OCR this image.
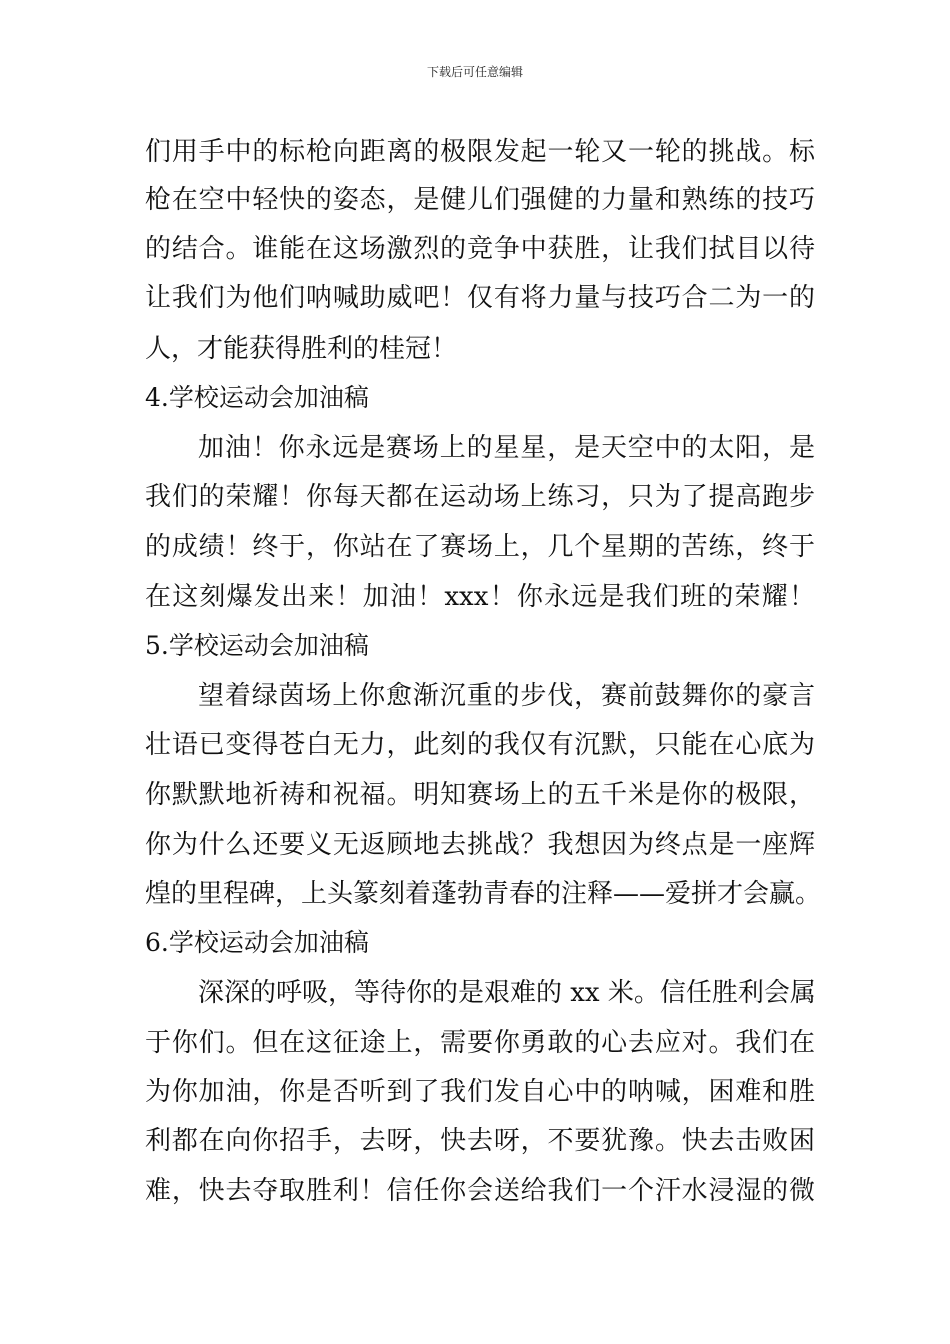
下载后可任意编辑
们用手中的标枪向距离的极限发起一轮又一轮的挑战。标
枪在空中轻快的姿态，是健儿们强健的力量和熟练的技巧
的结合。谁能在这场激烈的竞争中获胜，让我们拭目以待
让我们为他们呐喊助威吧！仅有将力量与技巧合二为一的
人，才能获得胜利的桂冠！
4.学校运动会加油稿
加油！你永远是赛场上的星星，是天空中的太阳，是
我们的荣耀！你每天都在运动场上练习，只为了提高跑步
的成绩！终于，你站在了赛场上，几个星期的苦练，终于
在这刻爆发出来！加油！xxx！你永远是我们班的荣耀！
5.学校运动会加油稿
望着绿茵场上你愈渐沉重的步伐，赛前鼓舞你的豪言
壮语已变得苍白无力，此刻的我仅有沉默，只能在心底为
你默默地祈祷和祝福。明知赛场上的五千米是你的极限，
你为什么还要义无返顾地去挑战？我想因为终点是一座辉
煌的里程碑，上头篆刻着蓬勃青春的注释——爱拼才会赢。
6.学校运动会加油稿
深深的呼吸，等待你的是艰难的 xx 米。信任胜利会属
于你们。但在这征途上，需要你勇敢的心去应对。我们在
为你加油，你是否听到了我们发自心中的呐喊，困难和胜
利都在向你招手，去呀，快去呀，不要犹豫。快去击败困
难，快去夺取胜利！信任你会送给我们一个汗水浸湿的微
